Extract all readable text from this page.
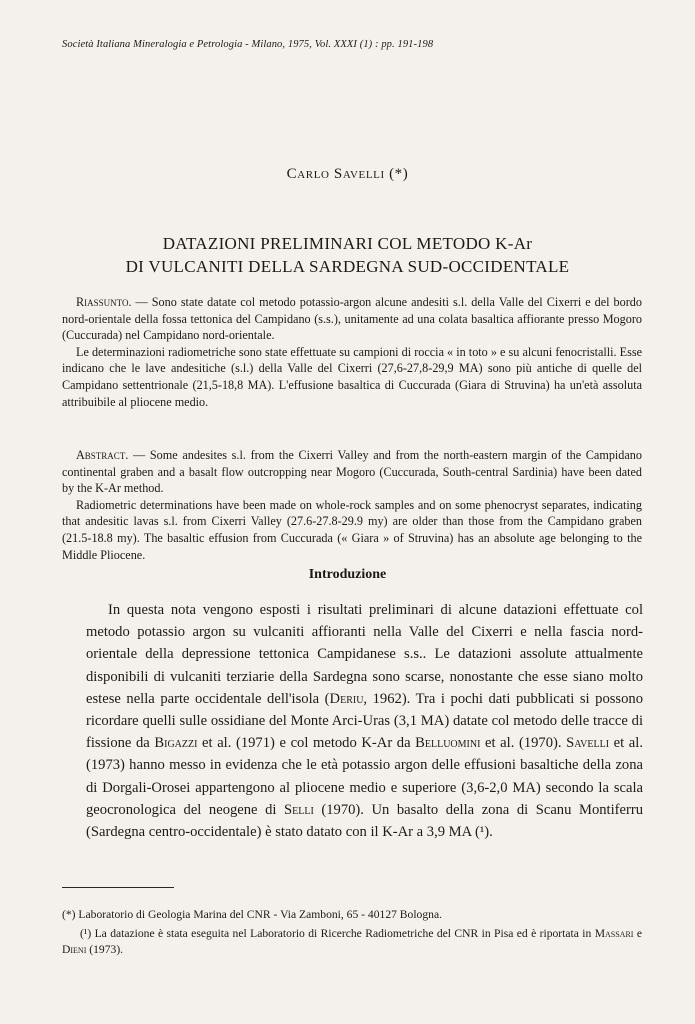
Società Italiana Mineralogia e Petrologia - Milano, 1975, Vol. XXXI (1) : pp. 191-198
Carlo Savelli (*)
DATAZIONI PRELIMINARI COL METODO K-Ar
DI VULCANITI DELLA SARDEGNA SUD-OCCIDENTALE

Riassunto. — Sono state datate col metodo potassio-argon alcune andesiti s.l. della Valle del Cixerri e del bordo nord-orientale della fossa tettonica del Campidano (s.s.), unitamente ad una colata basaltica affiorante presso Mogoro (Cuccurada) nel Campidano nord-orientale.

Le determinazioni radiometriche sono state effettuate su campioni di roccia « in toto » e su alcuni fenocristalli. Esse indicano che le lave andesitiche (s.l.) della Valle del Cixerri (27,6-27,8-29,9 MA) sono più antiche di quelle del Campidano settentrionale (21,5-18,8 MA). L'effusione basaltica di Cuccurada (Giara di Struvina) ha un'età assoluta attribuibile al pliocene medio.

Abstract. — Some andesites s.l. from the Cixerri Valley and from the north-eastern margin of the Campidano continental graben and a basalt flow outcropping near Mogoro (Cuccurada, South-central Sardinia) have been dated by the K-Ar method.

Radiometric determinations have been made on whole-rock samples and on some phenocryst separates, indicating that andesitic lavas s.l. from Cixerri Valley (27.6-27.8-29.9 my) are older than those from the Campidano graben (21.5-18.8 my). The basaltic effusion from Cuccurada (« Giara » of Struvina) has an absolute age belonging to the Middle Pliocene.

Introduzione

In questa nota vengono esposti i risultati preliminari di alcune datazioni effettuate col metodo potassio argon su vulcaniti affioranti nella Valle del Cixerri e nella fascia nord-orientale della depressione tettonica Campidanese s.s.. Le datazioni assolute attualmente disponibili di vulcaniti terziarie della Sardegna sono scarse, nonostante che esse siano molto estese nella parte occidentale dell'isola (Deriu, 1962). Tra i pochi dati pubblicati si possono ricordare quelli sulle ossidiane del Monte Arci-Uras (3,1 MA) datate col metodo delle tracce di fissione da Bigazzi et al. (1971) e col metodo K-Ar da Belluomini et al. (1970). Savelli et al. (1973) hanno messo in evidenza che le età potassio argon delle effusioni basaltiche della zona di Dorgali-Orosei appartengono al pliocene medio e superiore (3,6-2,0 MA) secondo la scala geocronologica del neogene di Selli (1970). Un basalto della zona di Scanu Montiferru (Sardegna centro-occidentale) è stato datato con il K-Ar a 3,9 MA (¹).

(*) Laboratorio di Geologia Marina del CNR - Via Zamboni, 65 - 40127 Bologna.

(¹) La datazione è stata eseguita nel Laboratorio di Ricerche Radiometriche del CNR in Pisa ed è riportata in Massari e Dieni (1973).
